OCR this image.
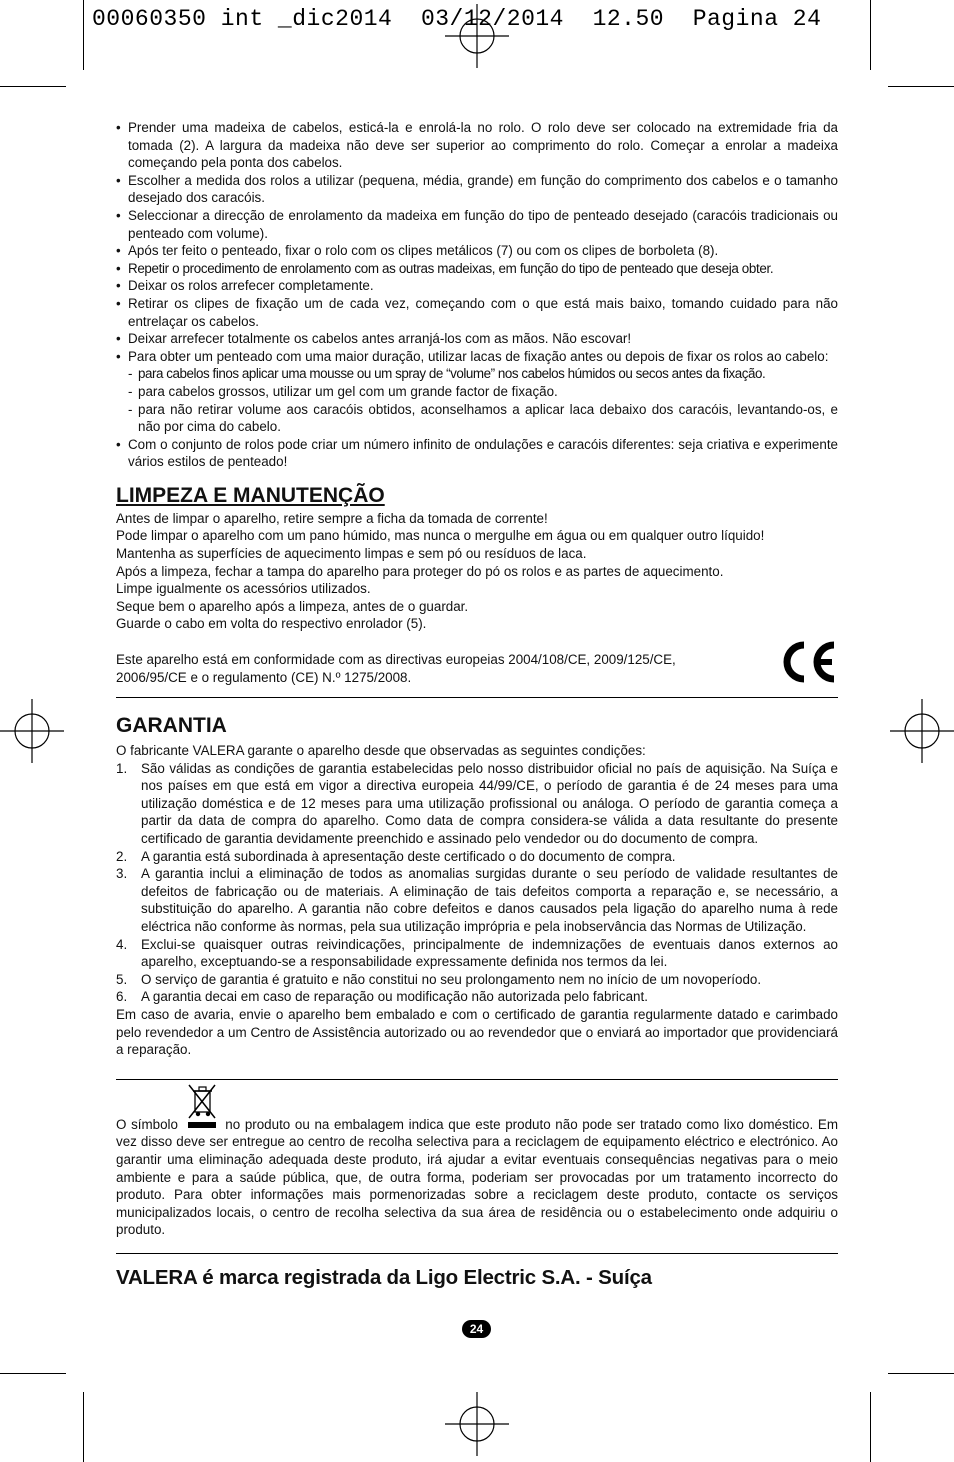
00060350 int _dic2014  03/12/2014  12.50  Pagina 24
• Prender uma madeixa de cabelos, esticá-la e enrolá-la no rolo. O rolo deve ser colocado na extremidade fria da tomada (2). A largura da madeixa não deve ser superior ao comprimento do rolo. Começar a enrolar a madeixa começando pela ponta dos cabelos.
• Escolher a medida dos rolos a utilizar (pequena, média, grande) em função do comprimento dos cabelos e o tamanho desejado dos caracóis.
• Seleccionar a direcção de enrolamento da madeixa em função do tipo de penteado desejado (caracóis tradicionais ou penteado com volume).
• Após ter feito o penteado, fixar o rolo com os clipes metálicos (7) ou com os clipes de borboleta (8).
• Repetir o procedimento de enrolamento com as outras madeixas, em função do tipo de penteado que deseja obter.
• Deixar os rolos arrefecer completamente.
• Retirar os clipes de fixação um de cada vez, começando com o que está mais baixo, tomando cuidado para não entrelaçar os cabelos.
• Deixar arrefecer totalmente os cabelos antes arranjá-los com as mãos. Não escovar!
• Para obter um penteado com uma maior duração, utilizar lacas de fixação antes ou depois de fixar os rolos ao cabelo:
- para cabelos finos aplicar uma mousse ou um spray de “volume” nos cabelos húmidos ou secos antes da fixação.
- para cabelos grossos, utilizar um gel com um grande factor de fixação.
- para não retirar volume aos caracóis obtidos, aconselhamos a aplicar laca debaixo dos caracóis, levantando-os, e não por cima do cabelo.
• Com o conjunto de rolos pode criar um número infinito de ondulações e caracóis diferentes: seja criativa e experimente vários estilos de penteado!
LIMPEZA E MANUTENÇÃO

Antes de limpar o aparelho, retire sempre a ficha da tomada de corrente!

Pode limpar o aparelho com um pano húmido, mas nunca o mergulhe em água ou em qualquer outro líquido!

Mantenha as superfícies de aquecimento limpas e sem pó ou resíduos de laca.

Após a limpeza, fechar a tampa do aparelho para proteger do pó os rolos e as partes de aquecimento.

Limpe igualmente os acessórios utilizados.

Seque bem o aparelho após a limpeza, antes de o guardar.

Guarde o cabo em volta do respectivo enrolador (5).

Este aparelho está em conformidade com as directivas europeias 2004/108/CE, 2009/125/CE, 2006/95/CE e o regulamento (CE) N.º 1275/2008.
GARANTIA

O fabricante VALERA garante o aparelho desde que observadas as seguintes condições:

1. São válidas as condições de garantia estabelecidas pelo nosso distribuidor oficial no país de aquisição. Na Suíça e nos países em que está em vigor a directiva europeia 44/99/CE, o período de garantia é de 24 meses para uma utilização doméstica e de 12 meses para uma utilização profissional ou análoga. O período de garantia começa a partir da data de compra do aparelho. Como data de compra considera-se válida a data resultante do presente certificado de garantia devidamente preenchido e assinado pelo vendedor ou do documento de compra.
2. A garantia está subordinada à apresentação deste certificado o do documento de compra.
3. A garantia inclui a eliminação de todos as anomalias surgidas durante o seu período de validade resultantes de defeitos de fabricação ou de materiais. A eliminação de tais defeitos comporta a reparação e, se necessário, a substituição do aparelho. A garantia não cobre defeitos e danos causados pela ligação do aparelho numa à rede eléctrica não conforme às normas, pela sua utilização imprópria e pela inobservância das Normas de Utilização.
4. Exclui-se quaisquer outras reivindicações, principalmente de indemnizações de eventuais danos externos ao aparelho, exceptuando-se a responsabilidade expressamente definida nos termos da lei.
5. O serviço de garantia é gratuito e não constitui no seu prolongamento nem no início de um novoperíodo.
6. A garantia decai em caso de reparação ou modificação não autorizada pelo fabricant.

Em caso de avaria, envie o aparelho bem embalado e com o certificado de garantia regularmente datado e carimbado pelo revendedor a um Centro de Assistência autorizado ou ao revendedor que o enviará ao importador que providenciará a reparação.

O símbolo	no produto ou na embalagem indica que este produto não pode ser tratado como lixo doméstico. Em vez disso deve ser entregue ao centro de recolha selectiva para a reciclagem de equipamento eléctrico e electrónico. Ao garantir uma eliminação adequada deste produto, irá ajudar a evitar eventuais consequências negativas para o meio ambiente e para a saúde pública, que, de outra forma, poderiam ser provocadas por um tratamento incorrecto do produto. Para obter informações mais pormenorizadas sobre a reciclagem deste produto, contacte os serviços municipalizados locais, o centro de recolha selectiva da sua área de residência ou o estabelecimento onde adquiriu o produto.
VALERA é marca registrada da Ligo Electric S.A. - Suíça
24
